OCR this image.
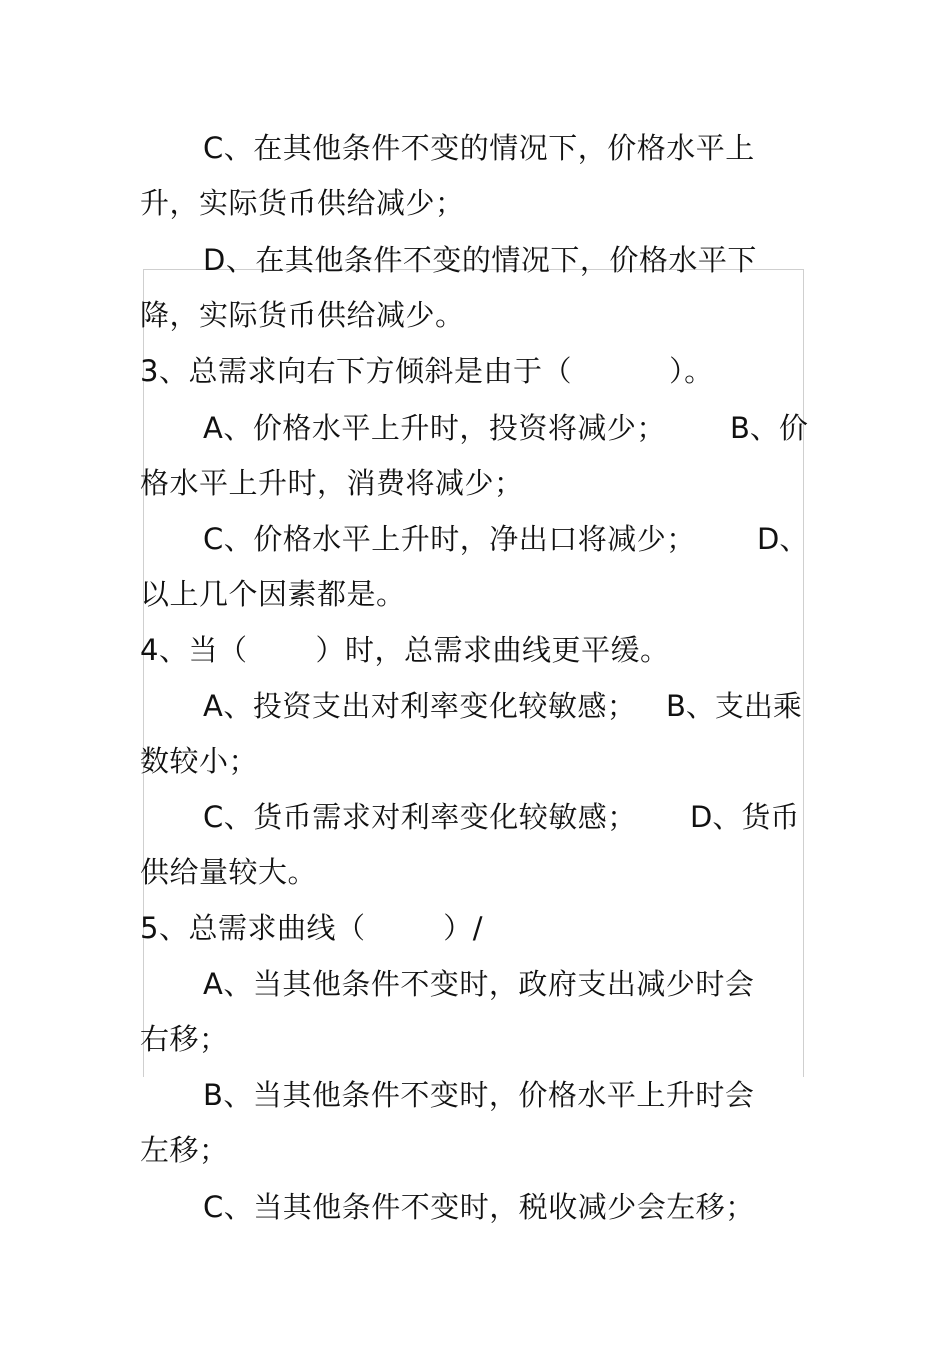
C、在其他条件不变的情况下，价格水平上
升，实际货币供给减少；
D、在其他条件不变的情况下，价格水平下
降，实际货币供给减少。
3、总需求向右下方倾斜是由于（          ）。
A、价格水平上升时，投资将减少； B、价
格水平上升时，消费将减少；
C、价格水平上升时，净出口将减少； D、
以上几个因素都是。
4、当（       ）时，总需求曲线更平缓。
A、投资支出对利率变化较敏感； B、支出乘
数较小；
C、货币需求对利率变化较敏感； D、货币
供给量较大。
5、总需求曲线（        ）/
A、当其他条件不变时，政府支出减少时会
右移；
B、当其他条件不变时，价格水平上升时会
左移；
C、当其他条件不变时，税收减少会左移；
